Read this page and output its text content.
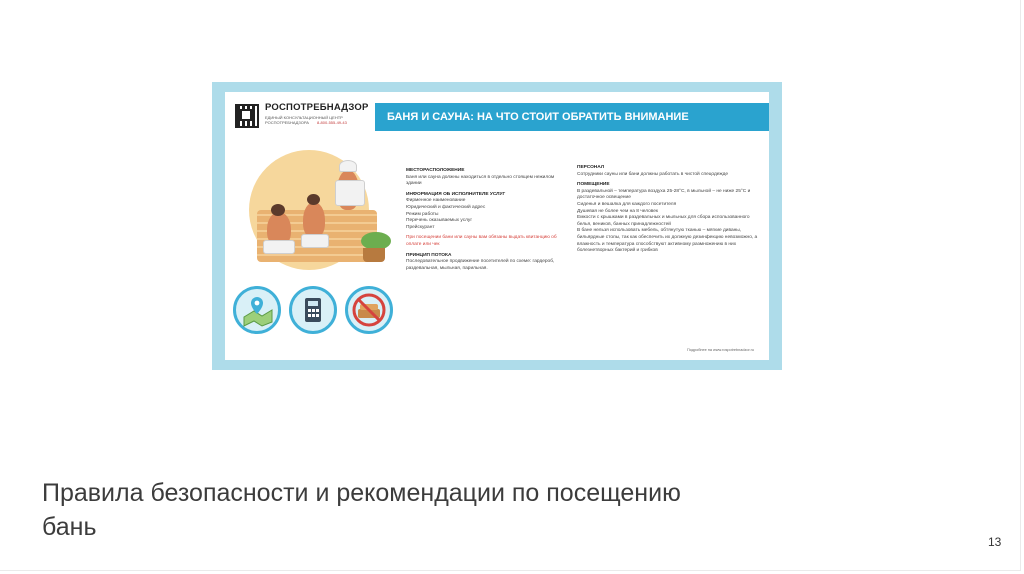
РОСПОТРЕБНАДЗОР
ЕДИНЫЙ КОНСУЛЬТАЦИОННЫЙ ЦЕНТР РОСПОТРЕБНАДЗОРА	8-800-555-49-43	БАНЯ И САУНА: НА ЧТО СТОИТ ОБРАТИТЬ ВНИМАНИЕ
МЕСТОРАСПОЛОЖЕНИЕ
Баня или сауна должны находиться в отдельно стоящем нежилом здании
ИНФОРМАЦИЯ ОБ ИСПОЛНИТЕЛЕ УСЛУГ
Фирменное наименование
Юридический и фактический адрес
Режим работы
Перечень оказываемых услуг
Прейскурант
При посещении бани или сауны вам обязаны выдать квитанцию об оплате или чек
ПРИНЦИП ПОТОКА
Последовательное продвижение посетителей по схеме: гардероб, раздевальная, мыльная, парильная.
ПЕРСОНАЛ
Сотрудники сауны или бани должны работать в чистой спецодежде
ПОМЕЩЕНИЕ
В раздевальной – температура воздуха 25-28°С, в мыльной – не ниже 25°С и достаточное освещение
Сиденья и вешалка для каждого посетителя
Душевая не более чем на 8 человек
Емкости с крышками в раздевальных и мыльных для сбора использованного белья, веников, банных принадлежностей
В бане нельзя использовать мебель, обтянутую тканью – мягкие диваны, бильярдные столы, так как обеспечить их должную дезинфекцию невозможно, а влажность и температура способствуют активному размножению в них болезнетворных бактерий и грибков
Подробнее на www.rospotrebnadzor.ru
Правила безопасности и рекомендации по посещению бань
13
